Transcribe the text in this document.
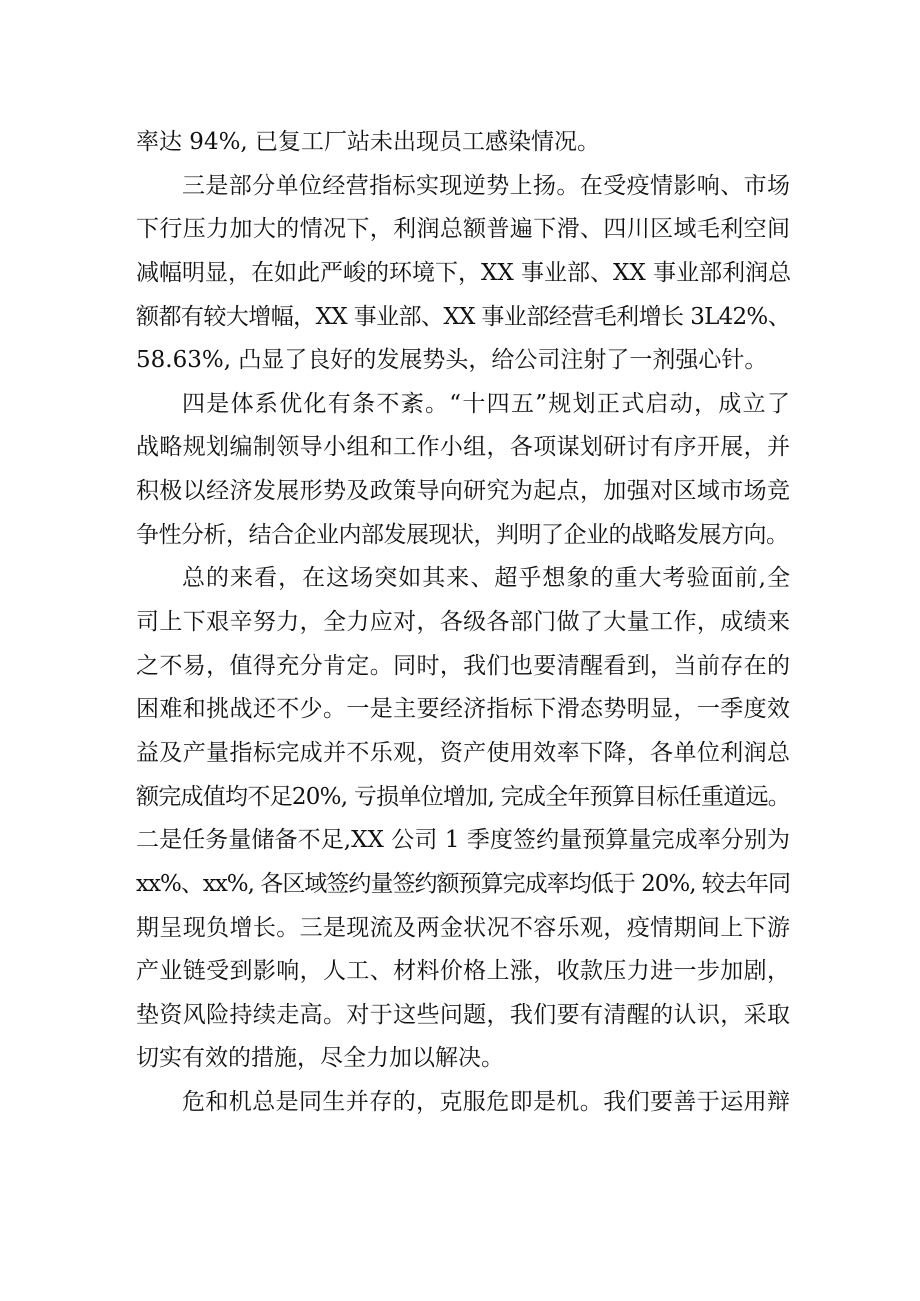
率达 94%, 已复工厂站未出现员工感染情况。
三是部分单位经营指标实现逆势上扬。在受疫情影响、市场
下行压力加大的情况下，利润总额普遍下滑、四川区域毛利空间
减幅明显，在如此严峻的环境下，XX 事业部、XX 事业部利润总
额都有较大增幅，XX 事业部、XX 事业部经营毛利增长 3L42%、
58.63%, 凸显了良好的发展势头，给公司注射了一剂强心针。
四是体系优化有条不紊。“十四五”规划正式启动，成立了
战略规划编制领导小组和工作小组，各项谋划研讨有序开展，并
积极以经济发展形势及政策导向研究为起点，加强对区域市场竞
争性分析，结合企业内部发展现状，判明了企业的战略发展方向。
总的来看，在这场突如其来、超乎想象的重大考验面前,全
司上下艰辛努力，全力应对，各级各部门做了大量工作，成绩来
之不易，值得充分肯定。同时，我们也要清醒看到，当前存在的
困难和挑战还不少。一是主要经济指标下滑态势明显，一季度效
益及产量指标完成并不乐观，资产使用效率下降，各单位利润总
额完成值均不足20%, 亏损单位增加, 完成全年预算目标任重道远。
二是任务量储备不足,XX 公司 1 季度签约量预算量完成率分别为
xx%、xx%, 各区域签约量签约额预算完成率均低于 20%, 较去年同
期呈现负增长。三是现流及两金状况不容乐观，疫情期间上下游
产业链受到影响，人工、材料价格上涨，收款压力进一步加剧，
垫资风险持续走高。对于这些问题，我们要有清醒的认识，采取
切实有效的措施，尽全力加以解决。
危和机总是同生并存的，克服危即是机。我们要善于运用辩
